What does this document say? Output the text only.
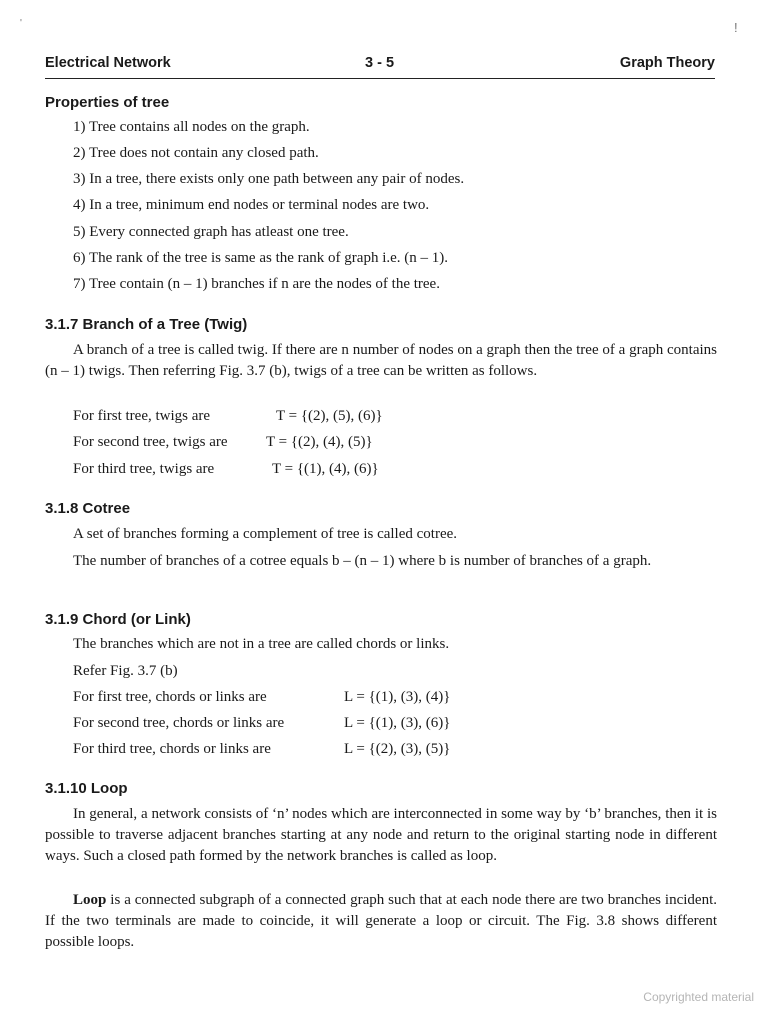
'	!
Electrical Network	3 - 5	Graph Theory
Properties of tree
1) Tree contains all nodes on the graph.
2) Tree does not contain any closed path.
3) In a tree, there exists only one path between any pair of nodes.
4) In a tree, minimum end nodes or terminal nodes are two.
5) Every connected graph has atleast one tree.
6) The rank of the tree is same as the rank of graph i.e. (n – 1).
7) Tree contain (n – 1) branches if n are the nodes of the tree.
3.1.7 Branch of a Tree (Twig)
A branch of a tree is called twig. If there are n number of nodes on a graph then the tree of a graph contains (n – 1) twigs. Then referring Fig. 3.7 (b), twigs of a tree can be written as follows.
For first tree, twigs are	T = {(2), (5), (6)}
For second tree, twigs are	T = {(2), (4), (5)}
For third tree, twigs are	T = {(1), (4), (6)}
3.1.8 Cotree
A set of branches forming a complement of tree is called cotree.
The number of branches of a cotree equals b – (n – 1) where b is number of branches of a graph.
3.1.9 Chord (or Link)
The branches which are not in a tree are called chords or links.
Refer Fig. 3.7 (b)
For first tree, chords or links are	L = {(1), (3), (4)}
For second tree, chords or links are	L = {(1), (3), (6)}
For third tree, chords or links are	L = {(2), (3), (5)}
3.1.10 Loop
In general, a network consists of ‘n’ nodes which are interconnected in some way by ‘b’ branches, then it is possible to traverse adjacent branches starting at any node and return to the original starting node in different ways. Such a closed path formed by the network branches is called as loop.
Loop is a connected subgraph of a connected graph such that at each node there are two branches incident. If the two terminals are made to coincide, it will generate a loop or circuit. The Fig. 3.8 shows different possible loops.
Copyrighted material
